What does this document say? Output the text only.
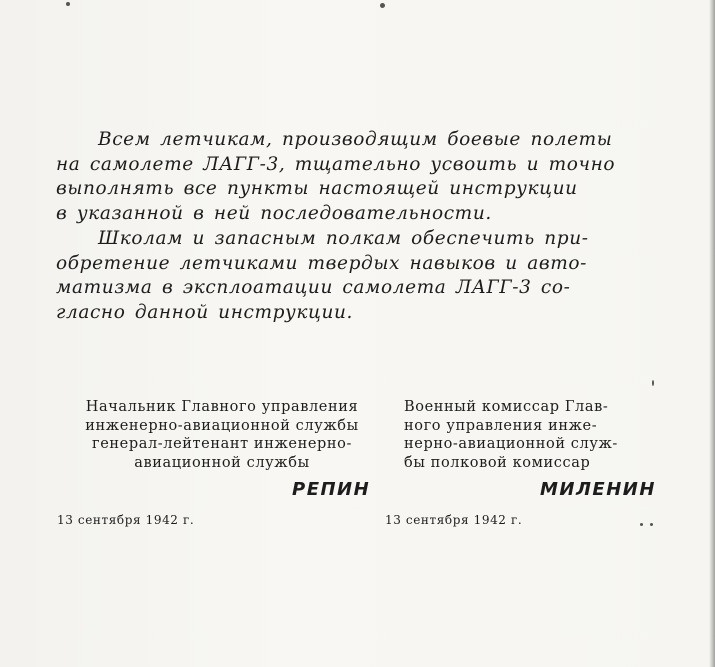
Всем летчикам, производящим боевые полеты
на самолете ЛАГГ-3, тщательно усвоить и точно
выполнять все пункты настоящей инструкции
в указанной в ней последовательности.
Школам и запасным полкам обеспечить при-
обретение летчиками твердых навыков и авто-
матизма в эксплоатации самолета ЛАГГ-3 со-
гласно данной инструкции.
Начальник Главного управления
инженерно-авиационной службы
генерал-лейтенант инженерно-
авиационной службы
Военный комиссар Глав-
ного управления инже-
нерно-авиационной служ-
бы полковой комиссар
РЕПИН	МИЛЕНИН
13 сентября 1942 г.	13 сентября 1942 г.
